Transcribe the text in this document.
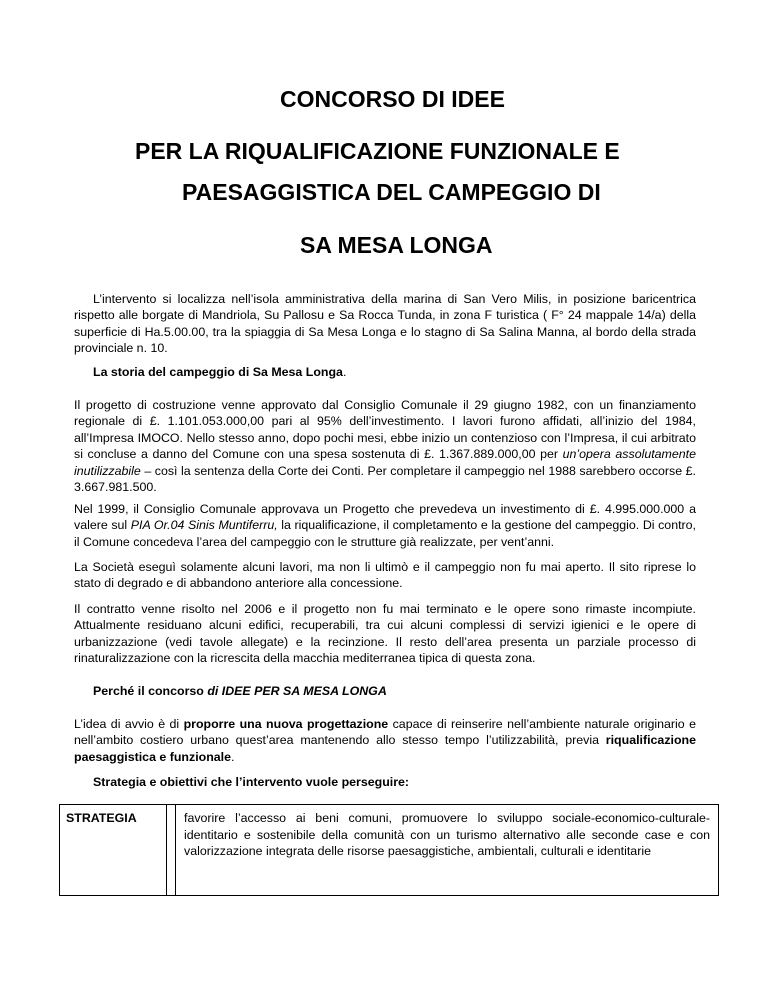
CONCORSO DI IDEE
PER LA RIQUALIFICAZIONE FUNZIONALE E
PAESAGGISTICA DEL CAMPEGGIO DI
SA MESA LONGA

L’intervento si localizza nell’isola amministrativa della marina di San Vero Milis, in posizione baricentrica rispetto alle borgate di Mandriola, Su Pallosu e Sa Rocca Tunda, in zona F turistica ( F° 24 mappale 14/a) della superficie di Ha.5.00.00, tra la spiaggia di Sa Mesa Longa e lo stagno di Sa Salina Manna, al bordo della strada provinciale n. 10.

La storia del campeggio di Sa Mesa Longa.

Il progetto di costruzione venne approvato dal Consiglio Comunale il 29 giugno 1982, con un finanziamento regionale di £. 1.101.053.000,00 pari al 95% dell’investimento. I lavori furono affidati, all’inizio del 1984, all’Impresa IMOCO. Nello stesso anno, dopo pochi mesi, ebbe inizio un contenzioso con l’Impresa, il cui arbitrato si concluse a danno del Comune con una spesa sostenuta di £. 1.367.889.000,00 per un’opera assolutamente inutilizzabile – così la sentenza della Corte dei Conti. Per completare il campeggio nel 1988 sarebbero occorse £. 3.667.981.500.

Nel 1999, il Consiglio Comunale approvava un Progetto che prevedeva un investimento di £. 4.995.000.000 a valere sul PIA Or.04 Sinis Muntiferru, la riqualificazione, il completamento e la gestione del campeggio. Di contro, il Comune concedeva l’area del campeggio con le strutture già realizzate, per vent’anni.

La Società eseguì solamente alcuni lavori, ma non li ultimò e il campeggio non fu mai aperto. Il sito riprese lo stato di degrado e di abbandono anteriore alla concessione.

Il contratto venne risolto nel 2006 e il progetto non fu mai terminato e le opere sono rimaste incompiute. Attualmente residuano alcuni edifici, recuperabili, tra cui alcuni complessi di servizi igienici e le opere di urbanizzazione (vedi tavole allegate) e la recinzione. Il resto dell’area presenta un parziale processo di rinaturalizzazione con la ricrescita della macchia mediterranea tipica di questa zona.

Perché il concorso di IDEE PER SA MESA LONGA

L’idea di avvio è di proporre una nuova progettazione capace di reinserire nell’ambiente naturale originario e nell’ambito costiero urbano quest’area mantenendo allo stesso tempo l’utilizzabilità, previa riqualificazione paesaggistica e funzionale.

Strategia e obiettivi che l’intervento vuole perseguire:

STRATEGIA		favorire l’accesso ai beni comuni, promuovere lo sviluppo sociale-economico-culturale-identitario e sostenibile della comunità con un turismo alternativo alle seconde case e con valorizzazione integrata delle risorse paesaggistiche, ambientali, culturali e identitarie
